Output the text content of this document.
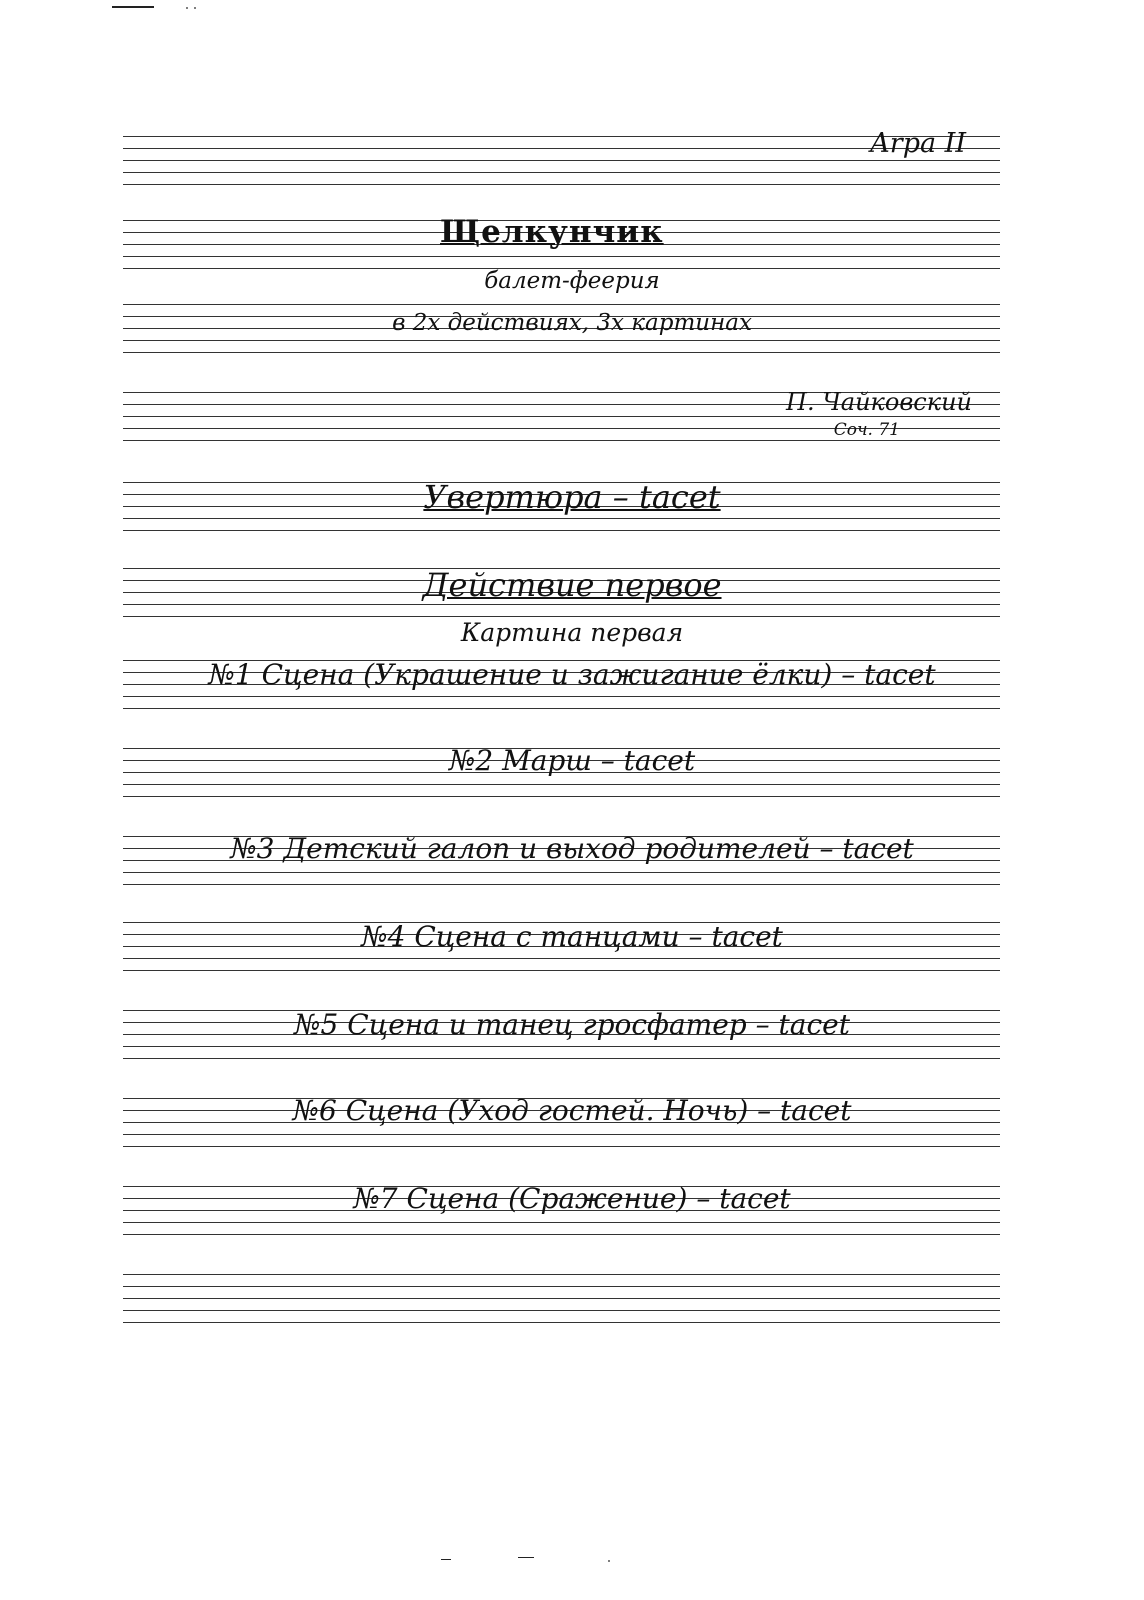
Arpa II
Щелкунчик
балет-феерия
в 2х действиях, 3х картинах
П. Чайковский
Соч. 71
Увертюра – tacet
Действие первое
Картина первая
№1 Сцена (Украшение и зажигание ёлки) – tacet
№2 Марш – tacet
№3 Детский галоп и выход родителей – tacet
№4 Сцена с танцами – tacet
№5 Сцена и танец гросфатер – tacet
№6 Сцена (Уход гостей. Ночь) – tacet
№7 Сцена (Сражение) – tacet
